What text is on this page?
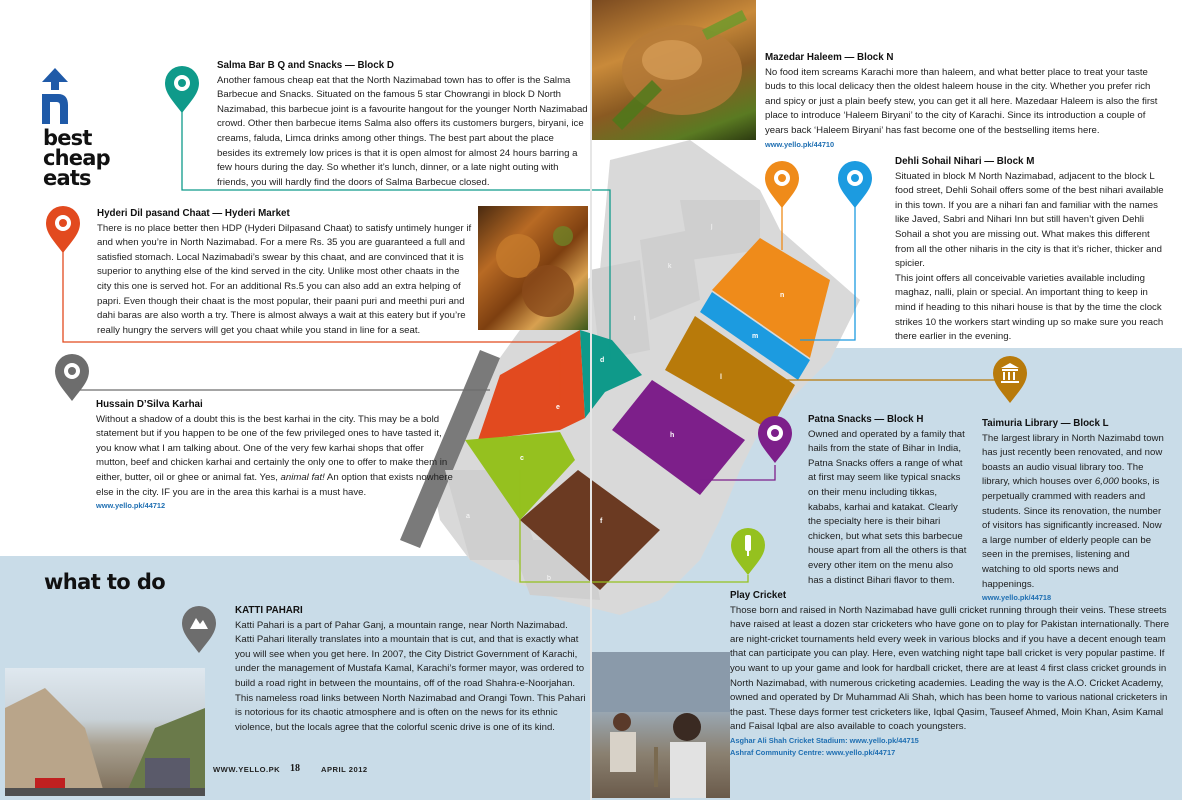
e
d
c
f
h
l
m
n
a
b
i
j
k
best
cheap
eats
what to do
Salma Bar B Q and Snacks — Block D

Another famous cheap eat that the North Nazimabad town has to offer is the Salma Barbecue and Snacks. Situated on the famous 5 star Chowrangi in block D North Nazimabad, this barbecue joint is a favourite hangout for the younger North Nazimabad crowd. Other then barbecue items Salma also offers its customers burgers, biryani, ice creams, faluda, Limca drinks among other things. The best part about the place besides its extremely low prices is that it is open almost for almost 24 hours barring a few hours during the day. So whether it’s lunch, dinner, or a late night outing with friends, you will hardly find the doors of Salma Barbecue closed.

Hyderi Dil pasand Chaat — Hyderi Market

There is no place better then HDP (Hyderi Dilpasand Chaat) to satisfy untimely hunger if and when you’re in North Nazimabad. For a mere Rs. 35 you are guaranteed a full and satisfied stomach. Local Nazimabadi’s swear by this chaat, and are convinced that it is superior to anything else of the kind served in the city. Unlike most other chaats in the city this one is served hot. For an additional Rs.5 you can also add an extra helping of papri. Even though their chaat is the most popular, their paani puri and meethi puri and dahi baras are also worth a try. There is almost always a wait at this eatery but if you’re really hungry the servers will get you chaat while you stand in line for a seat.

Hussain D’Silva Karhai

Without a shadow of a doubt this is the best karhai in the city. This may be a bold statement but if you happen to be one of the few privileged ones to have tasted it, you know what I am talking about. One of the very few karhai shops that offer mutton, beef and chicken karhai and certainly the only one to offer to make them in either, butter, oil or ghee or animal fat. Yes, animal fat! An option that exists nowhere else in the city. IF you are in the area this karhai is a must have.

www.yello.pk/44712
KATTI PAHARI

Katti Pahari is a part of Pahar Ganj, a mountain range, near North Nazimabad. Katti Pahari literally translates into a mountain that is cut, and that is exactly what you will see when you get here. In 2007, the City District Government of Karachi, under the management of Mustafa Kamal, Karachi’s former mayor, was ordered to build a road right in between the mountains, off of the road Shahra-e-Noorjahan. This nameless road links between North Nazimabad and Orangi Town. This Pahari is notorious for its chaotic atmosphere and is often on the news for its ethnic violence, but the locals agree that the colorful scenic drive is one of its kind.

WWW.YELLO.PK 18	APRIL 2012
Mazedar Haleem — Block N

No food item screams Karachi more than haleem, and what better place to treat your taste buds to this local delicacy then the oldest haleem house in the city. Whether you prefer rich and spicy or just a plain beefy stew, you can get it all here. Mazedaar Haleem is also the first place to introduce ‘Haleem Biryani’ to the city of Karachi. Since its introduction a couple of years back ‘Haleem Biryani’ has fast become one of the bestselling items here.

www.yello.pk/44710
Dehli Sohail Nihari — Block M

Situated in block M North Nazimabad, adjacent to the block L food street, Dehli Sohail offers some of the best nihari available in this town. If you are a nihari fan and familiar with the names like Javed, Sabri and Nihari Inn but still haven’t given Dehli Sohail a shot you are missing out. What makes this different from all the other niharis in the city is that it’s richer, thicker and spicier.

This joint offers all conceivable varieties available including maghaz, nalli, plain or special. An important thing to keep in mind if heading to this nihari house is that by the time the clock strikes 10 the workers start winding up so make sure you reach there earlier in the evening.

Patna Snacks — Block H

Owned and operated by a family that hails from the state of Bihar in India, Patna Snacks offers a range of what at first may seem like typical snacks on their menu including tikkas, kababs, karhai and katakat. Clearly the specialty here is their bihari chicken, but what sets this barbecue house apart from all the others is that every other item on the menu also has a distinct Bihari flavor to them.

Taimuria Library — Block L

The largest library in North Nazimabd town has just recently been renovated, and now boasts an audio visual library too. The library, which houses over 6,000 books, is perpetually crammed with readers and students. Since its renovation, the number of visitors has significantly increased. Now a large number of elderly people can be seen in the premises, listening and watching to old sports news and happenings.

www.yello.pk/44718
Play Cricket

Those born and raised in North Nazimabad have gulli cricket running through their veins. These streets have raised at least a dozen star cricketers who have gone on to play for Pakistan internationally. There are night-cricket tournaments held every week in various blocks and if you have a decent enough team that can participate you can play. Here, even watching night tape ball cricket is very popular pastime. If you want to up your game and look for hardball cricket, there are at least 4 first class cricket grounds in North Nazimabad, with numerous cricketing academies. Leading the way is the A.O. Cricket Academy, owned and operated by Dr Muhammad Ali Shah, which has been home to various national cricketers in the past. These days former test cricketers like, Iqbal Qasim, Tauseef Ahmed, Moin Khan, Asim Kamal and Faisal Iqbal are also available to coach youngsters.

Asghar Ali Shah Cricket Stadium: www.yello.pk/44715
Ashraf Community Centre: www.yello.pk/44717
